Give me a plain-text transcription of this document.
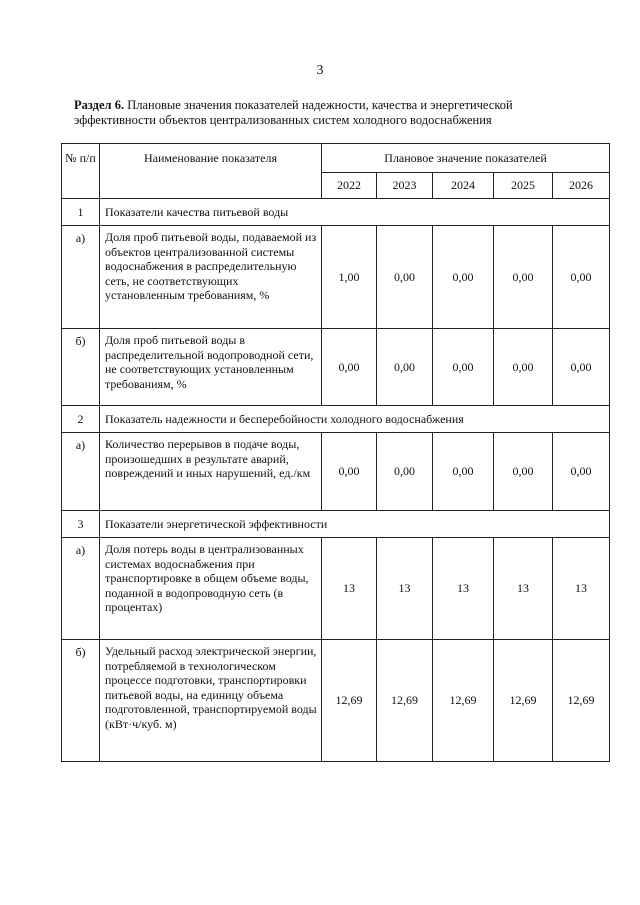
3
Раздел 6. Плановые значения показателей надежности, качества и энергетической эффективности объектов централизованных систем холодного водоснабжения
№ п/п	Наименование показателя	Плановое значение показателей				
		2022	2023	2024	2025	2026
1	Показатели качества питьевой воды					
а)	Доля проб питьевой воды, подаваемой из объектов централизованной системы водоснабжения в распределительную сеть, не соответствующих установленным требованиям, %	1,00	0,00	0,00	0,00	0,00
б)	Доля проб питьевой воды в распределительной водопроводной сети, не соответствующих установленным требованиям, %	0,00	0,00	0,00	0,00	0,00
2	Показатель надежности и бесперебойности холодного водоснабжения					
а)	Количество перерывов в подаче воды, произошедших в результате аварий, повреждений и иных нарушений, ед./км	0,00	0,00	0,00	0,00	0,00
3	Показатели энергетической эффективности					
а)	Доля потерь воды в централизованных системах водоснабжения при транспортировке в общем объеме воды, поданной в водопроводную сеть (в процентах)	13	13	13	13	13
б)	Удельный расход электрической энергии, потребляемой в технологическом процессе подготовки, транспортировки питьевой воды, на единицу объема подготовленной, транспортируемой воды (кВт·ч/куб. м)	12,69	12,69	12,69	12,69	12,69
